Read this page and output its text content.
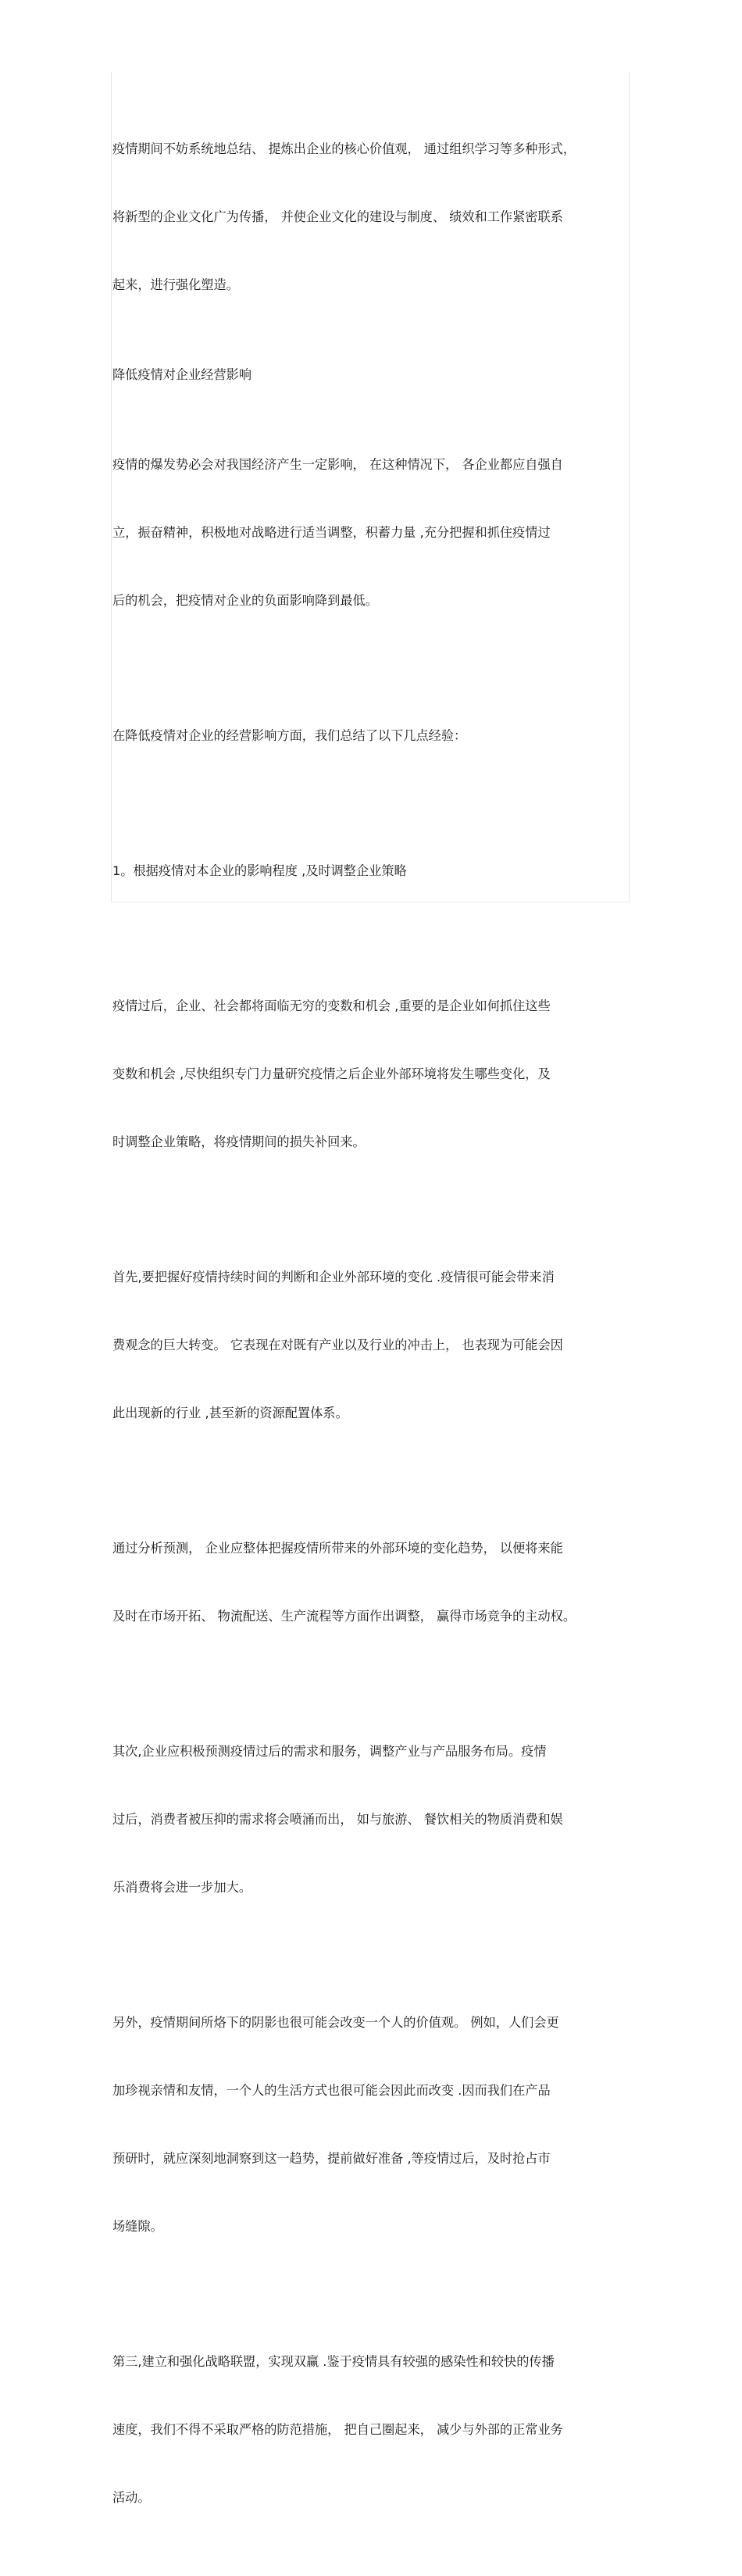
疫情期间不妨系统地总结、 提炼出企业的核心价值观， 通过组织学习等多种形式，

将新型的企业文化广为传播， 并使企业文化的建设与制度、 绩效和工作紧密联系

起来，进行强化塑造。

降低疫情对企业经营影响

疫情的爆发势必会对我国经济产生一定影响， 在这种情况下， 各企业都应自强自

立，振奋精神，积极地对战略进行适当调整，积蓄力量 ,充分把握和抓住疫情过

后的机会，把疫情对企业的负面影响降到最低。

在降低疫情对企业的经营影响方面，我们总结了以下几点经验：

1。根据疫情对本企业的影响程度 ,及时调整企业策略

疫情过后，企业、社会都将面临无穷的变数和机会 ,重要的是企业如何抓住这些

变数和机会 ,尽快组织专门力量研究疫情之后企业外部环境将发生哪些变化，及

时调整企业策略，将疫情期间的损失补回来。

首先,要把握好疫情持续时间的判断和企业外部环境的变化 .疫情很可能会带来消

费观念的巨大转变。 它表现在对既有产业以及行业的冲击上， 也表现为可能会因

此出现新的行业 ,甚至新的资源配置体系。

通过分析预测， 企业应整体把握疫情所带来的外部环境的变化趋势， 以便将来能

及时在市场开拓、 物流配送、生产流程等方面作出调整， 赢得市场竞争的主动权。

其次,企业应积极预测疫情过后的需求和服务，调整产业与产品服务布局。疫情

过后，消费者被压抑的需求将会喷涌而出， 如与旅游、 餐饮相关的物质消费和娱

乐消费将会进一步加大。

另外，疫情期间所烙下的阴影也很可能会改变一个人的价值观。 例如，人们会更

加珍视亲情和友情，一个人的生活方式也很可能会因此而改变 .因而我们在产品

预研时，就应深刻地洞察到这一趋势，提前做好准备 ,等疫情过后，及时抢占市

场缝隙。

第三,建立和强化战略联盟，实现双赢 .鉴于疫情具有较强的感染性和较快的传播

速度，我们不得不采取严格的防范措施， 把自己圈起来， 减少与外部的正常业务

活动。
